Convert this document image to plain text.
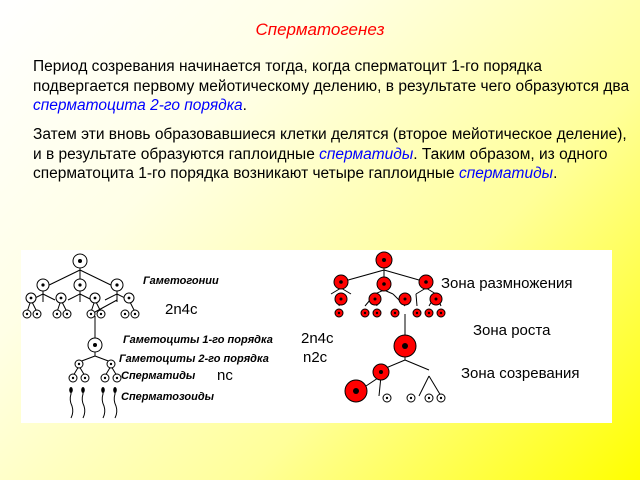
Сперматогенез
Период созревания начинается тогда, когда сперматоцит 1-го порядка подвергается первому мейотическому делению, в результате чего образуются два сперматоцита 2-го порядка.
Затем эти вновь образовавшиеся клетки делятся (второе мейотическое деление), и в результате образуются гаплоидные сперматиды. Таким образом, из одного сперматоцита 1-го порядка возникают четыре гаплоидные сперматиды.
Гаметогонии
2n4c
Гаметоциты 1-го порядка 2n4c
Гаметоциты 2-го порядка n2c
Сперматиды nc
Сперматозоиды
Зона размножения
Зона роста
Зона созревания
